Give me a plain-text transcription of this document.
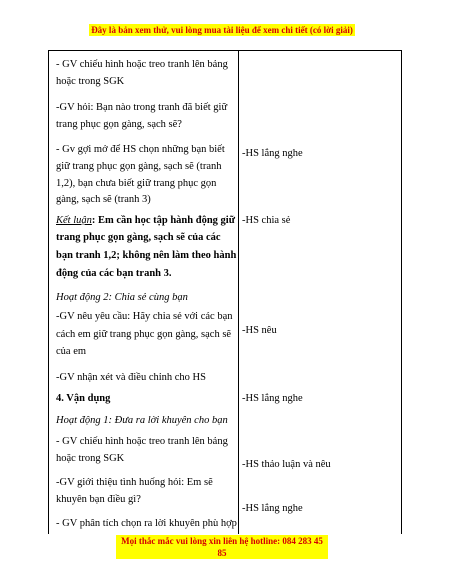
Đây là bản xem thử, vui lòng mua tài liệu để xem chi tiết (có lời giải)
- GV chiếu hình hoặc treo tranh lên bảng
hoặc trong SGK
-GV hỏi: Bạn nào trong tranh đã biết giữ
trang phục gọn gàng, sạch sẽ?
- Gv gợi mở để HS chọn những bạn biết
giữ trang phục gọn gàng, sạch sẽ (tranh
1,2), bạn chưa biết giữ trang phục gọn
gàng, sạch sẽ (tranh 3)
Kết luận: Em cần học tập hành động giữ
trang phục gọn gàng, sạch sẽ của các
bạn tranh 1,2; không nên làm theo hành
động của các bạn tranh 3.
Hoạt động 2: Chia sẻ cùng bạn
-GV nêu yêu cầu: Hãy chia sẻ với các bạn
cách em giữ trang phục gọn gàng, sạch sẽ
của em
-GV nhận xét và điều chỉnh cho HS
4. Vận dụng
Hoạt động 1: Đưa ra lời khuyên cho bạn
- GV chiếu hình hoặc treo tranh lên bảng
hoặc trong SGK
-GV giới thiệu tình huống hỏi: Em sẽ
khuyên bạn điều gì?
- GV phân tích chọn ra lời khuyên phù hợp
-HS lắng nghe
-HS chia sẻ
-HS nêu
-HS lắng nghe
-HS thảo luận và nêu
-HS lắng nghe
Mọi thắc mắc vui lòng xin liên hệ hotline: 084 283 45 85
